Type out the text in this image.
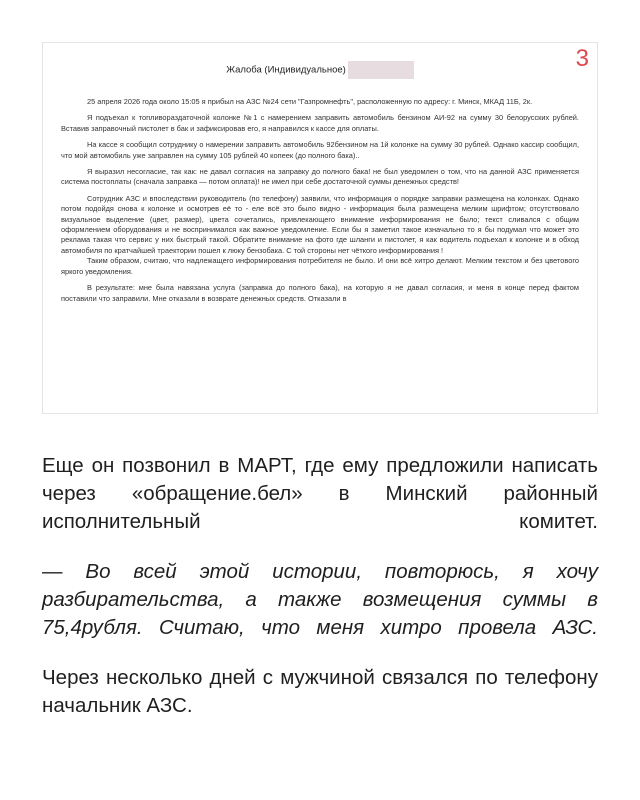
3
Жалоба (Индивидуальное)

25 апреля 2026 года около 15:05 я прибыл на АЗС №24 сети "Газпромнефть", расположенную по адресу: г. Минск, МКАД 11Б, 2к.

Я подъехал к топливораздаточной колонке №1 с намерением заправить автомобиль бензином АИ-92 на сумму 30 белорусских рублей. Вставив заправочный пистолет в бак и зафиксировав его, я направился к кассе для оплаты.

На кассе я сообщил сотруднику о намерении заправить автомобиль 92бензином на 1й колонке на сумму 30 рублей. Однако кассир сообщил, что мой автомобиль уже заправлен на сумму 105 рублей 40 копеек (до полного бака)..

Я выразил несогласие, так как: не давал согласия на заправку до полного бака! не был уведомлен о том, что на данной АЗС применяется система постоплаты (сначала заправка — потом оплата)! не имел при себе достаточной суммы денежных средств!

Сотрудник АЗС и впоследствии руководитель (по телефону) заявили, что информация о порядке заправки размещена на колонках. Однако потом подойдя снова к колонке и осмотрев её то - еле всё это было видно - информация была размещена мелким шрифтом; отсутствовало визуальное выделение (цвет, размер), цвета сочетались, привлекающего внимание информирования не было; текст сливался с общим оформлением оборудования и не воспринимался как важное уведомление. Если бы я заметил такое изначально то я бы подумал что может это реклама такая что сервис у них быстрый такой. Обратите внимание на фото где шланги и пистолет, я как водитель подъехал к колонке и в обход автомобиля по кратчайшей траектории пошел к люку бензобака. С той стороны нет чёткого информирования !

Таким образом, считаю, что надлежащего информирования потребителя не было. И они всё хитро делают. Мелким текстом и без цветового яркого уведомления.

В результате: мне была навязана услуга (заправка до полного бака), на которую я не давал согласия, и меня в конце перед фактом поставили что заправили. Мне отказали в возврате денежных средств. Отказали в

Еще он позвонил в МАРТ, где ему предложили написать через «обращение.бел» в Минский районный исполнительный комитет.

— Во всей этой истории, повторюсь, я хочу разбирательства, а также возмещения суммы в 75,4рубля. Считаю, что меня хитро провела АЗС.

Через несколько дней с мужчиной связался по телефону начальник АЗС.
